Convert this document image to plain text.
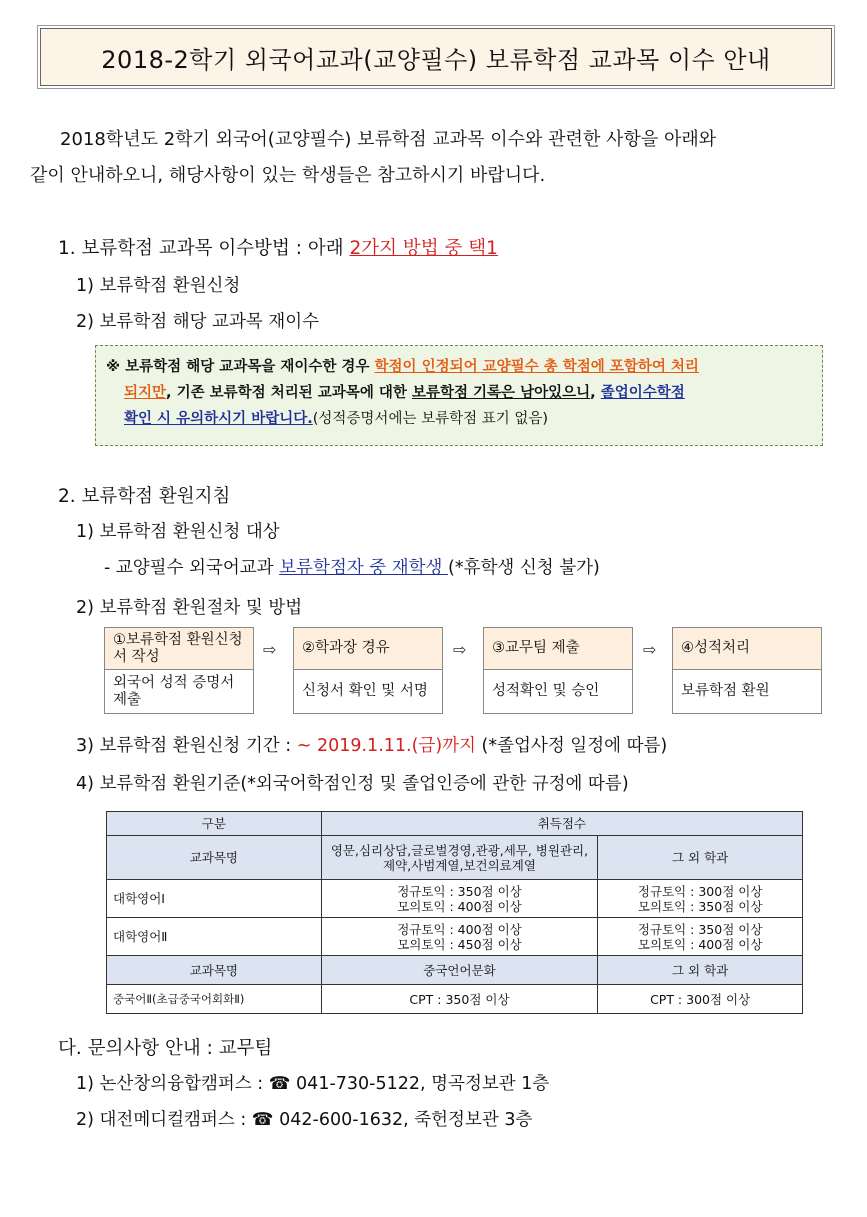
2018-2학기 외국어교과(교양필수) 보류학점 교과목 이수 안내
2018학년도 2학기 외국어(교양필수) 보류학점 교과목 이수와 관련한 사항을 아래와
같이 안내하오니, 해당사항이 있는 학생들은 참고하시기 바랍니다.
1. 보류학점 교과목 이수방법 : 아래 2가지 방법 중 택1
1) 보류학점 환원신청
2) 보류학점 해당 교과목 재이수
※ 보류학점 해당 교과목을 재이수한 경우 학점이 인정되어 교양필수 총 학점에 포함하여 처리
되지만, 기존 보류학점 처리된 교과목에 대한 보류학점 기록은 남아있으니, 졸업이수학점
확인 시 유의하시기 바랍니다.(성적증명서에는 보류학점 표기 없음)
2. 보류학점 환원지침
1) 보류학점 환원신청 대상
- 교양필수 외국어교과 보류학점자 중 재학생 (*휴학생 신청 불가)
2) 보류학점 환원절차 및 방법
①보류학점 환원신청서 작성
외국어 성적 증명서 제출
⇨	②학과장 경유
신청서 확인 및 서명
⇨	③교무팀 제출
성적확인 및 승인
⇨	④성적처리
보류학점 환원
3) 보류학점 환원신청 기간 : ~ 2019.1.11.(금)까지 (*졸업사정 일정에 따름)
4) 보류학점 환원기준(*외국어학점인정 및 졸업인증에 관한 규정에 따름)
구분	취득점수	
교과목명	영문,심리상담,글로벌경영,관광,세무, 병원관리,제약,사범계열,보건의료계열	그 외 학과
대학영어Ⅰ	정규토익 : 350점 이상
모의토익 : 400점 이상	정규토익 : 300점 이상
모의토익 : 350점 이상
대학영어Ⅱ	정규토익 : 400점 이상
모의토익 : 450점 이상	정규토익 : 350점 이상
모의토익 : 400점 이상
교과목명	중국언어문화	그 외 학과
중국어Ⅱ(초급중국어회화Ⅱ)	CPT : 350점 이상	CPT : 300점 이상
다. 문의사항 안내 : 교무팀
1) 논산창의융합캠퍼스 : ☎ 041-730-5122, 명곡정보관 1층
2) 대전메디컬캠퍼스 : ☎ 042-600-1632, 죽헌정보관 3층
